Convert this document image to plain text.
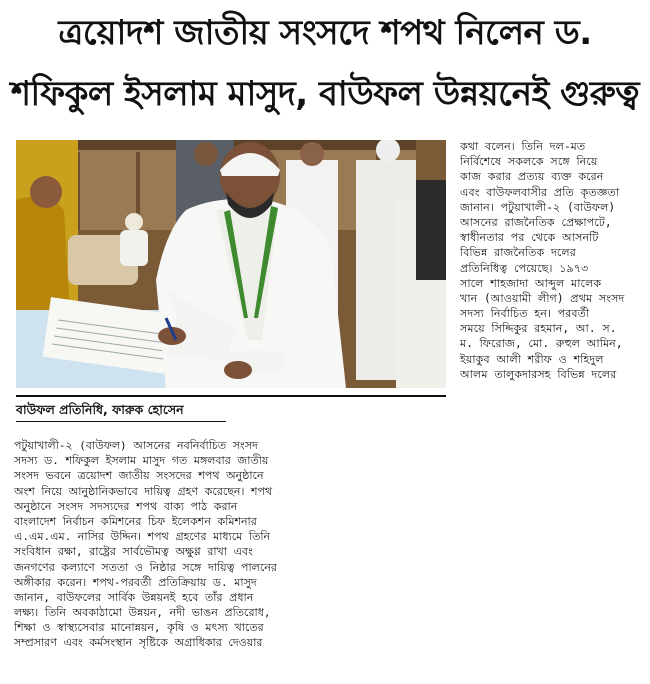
ত্রয়োদশ জাতীয় সংসদে শপথ নিলেন ড.
শফিকুল ইসলাম মাসুদ, বাউফল উন্নয়নেই গুরুত্ব
বাউফল প্রতিনিধি, ফারুক হোসেন
কথা বলেন। তিনি দল-মত
নির্বিশেষে সকলকে সঙ্গে নিয়ে
কাজ করার প্রত্যয় ব্যক্ত করেন
এবং বাউফলবাসীর প্রতি কৃতজ্ঞতা
জানান। পটুয়াখালী-২ (বাউফল)
আসনের রাজনৈতিক প্রেক্ষাপটে,
স্বাধীনতার পর থেকে আসনটি
বিভিন্ন রাজনৈতিক দলের
প্রতিনিধিত্ব পেয়েছে। ১৯৭৩
সালে শাহজাদা আব্দুল মালেক
খান (আওয়ামী লীগ) প্রথম সংসদ
সদস্য নির্বাচিত হন। পরবর্তী
সময়ে সিদ্দিকুর রহমান, আ. স.
ম. ফিরোজ, মো. রুহুল আমিন,
ইয়াকুব আলী শরীফ ও শহিদুল
আলম তালুকদারসহ বিভিন্ন দলের
পটুয়াখালী-২ (বাউফল) আসনের নবনির্বাচিত সংসদ
সদস্য ড. শফিকুল ইসলাম মাসুদ গত মঙ্গলবার জাতীয়
সংসদ ভবনে ত্রয়োদশ জাতীয় সংসদের শপথ অনুষ্ঠানে
অংশ নিয়ে আনুষ্ঠানিকভাবে দায়িত্ব গ্রহণ করেছেন। শপথ
অনুষ্ঠানে সংসদ সদস্যদের শপথ বাক্য পাঠ করান
বাংলাদেশ নির্বাচন কমিশনের চিফ ইলেকশন কমিশনার
এ.এম.এম. নাসির উদ্দিন। শপথ গ্রহণের মাধ্যমে তিনি
সংবিধান রক্ষা, রাষ্ট্রের সার্বভৌমত্ব অক্ষুণ্ণ রাখা এবং
জনগণের কল্যাণে সততা ও নিষ্ঠার সঙ্গে দায়িত্ব পালনের
অঙ্গীকার করেন। শপথ-পরবর্তী প্রতিক্রিয়ায় ড. মাসুদ
জানান, বাউফলের সার্বিক উন্নয়নই হবে তাঁর প্রধান
লক্ষ্য। তিনি অবকাঠামো উন্নয়ন, নদী ভাঙন প্রতিরোধ,
শিক্ষা ও স্বাস্থ্যসেবার মানোন্নয়ন, কৃষি ও মৎস্য খাতের
সম্প্রসারণ এবং কর্মসংস্থান সৃষ্টিকে অগ্রাধিকার দেওয়ার
